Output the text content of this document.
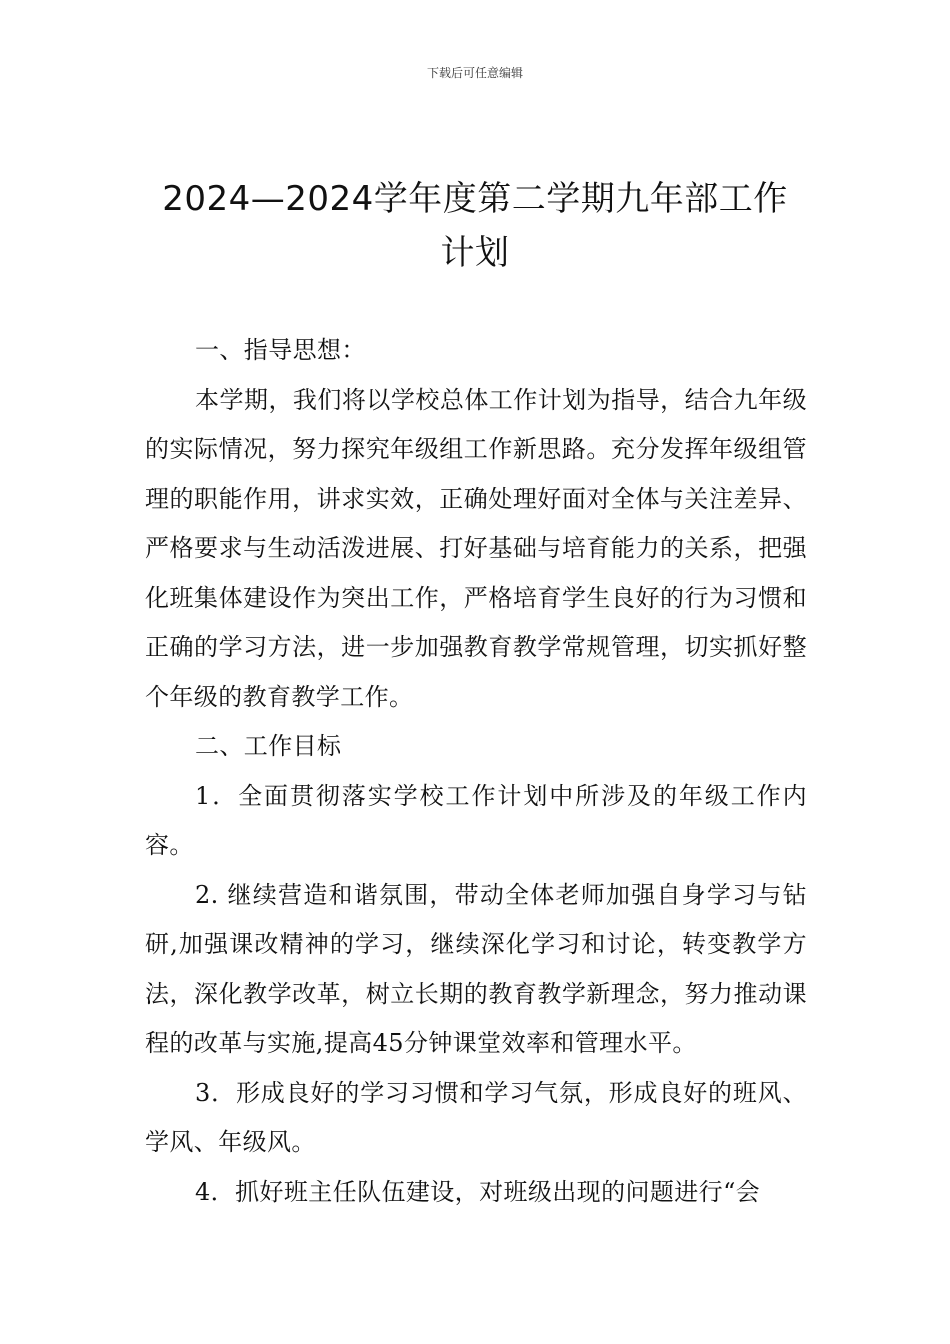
下载后可任意编辑
2024—2024学年度第二学期九年部工作计划

一、指导思想：

本学期，我们将以学校总体工作计划为指导，结合九年级的实际情况，努力探究年级组工作新思路。充分发挥年级组管理的职能作用，讲求实效，正确处理好面对全体与关注差异、严格要求与生动活泼进展、打好基础与培育能力的关系，把强化班集体建设作为突出工作，严格培育学生良好的行为习惯和正确的学习方法，进一步加强教育教学常规管理，切实抓好整个年级的教育教学工作。

二、工作目标

1．全面贯彻落实学校工作计划中所涉及的年级工作内容。

2. 继续营造和谐氛围，带动全体老师加强自身学习与钻研,加强课改精神的学习，继续深化学习和讨论，转变教学方法，深化教学改革，树立长期的教育教学新理念，努力推动课程的改革与实施,提高45分钟课堂效率和管理水平。

3．形成良好的学习习惯和学习气氛，形成良好的班风、学风、年级风。

4．抓好班主任队伍建设，对班级出现的问题进行“会
